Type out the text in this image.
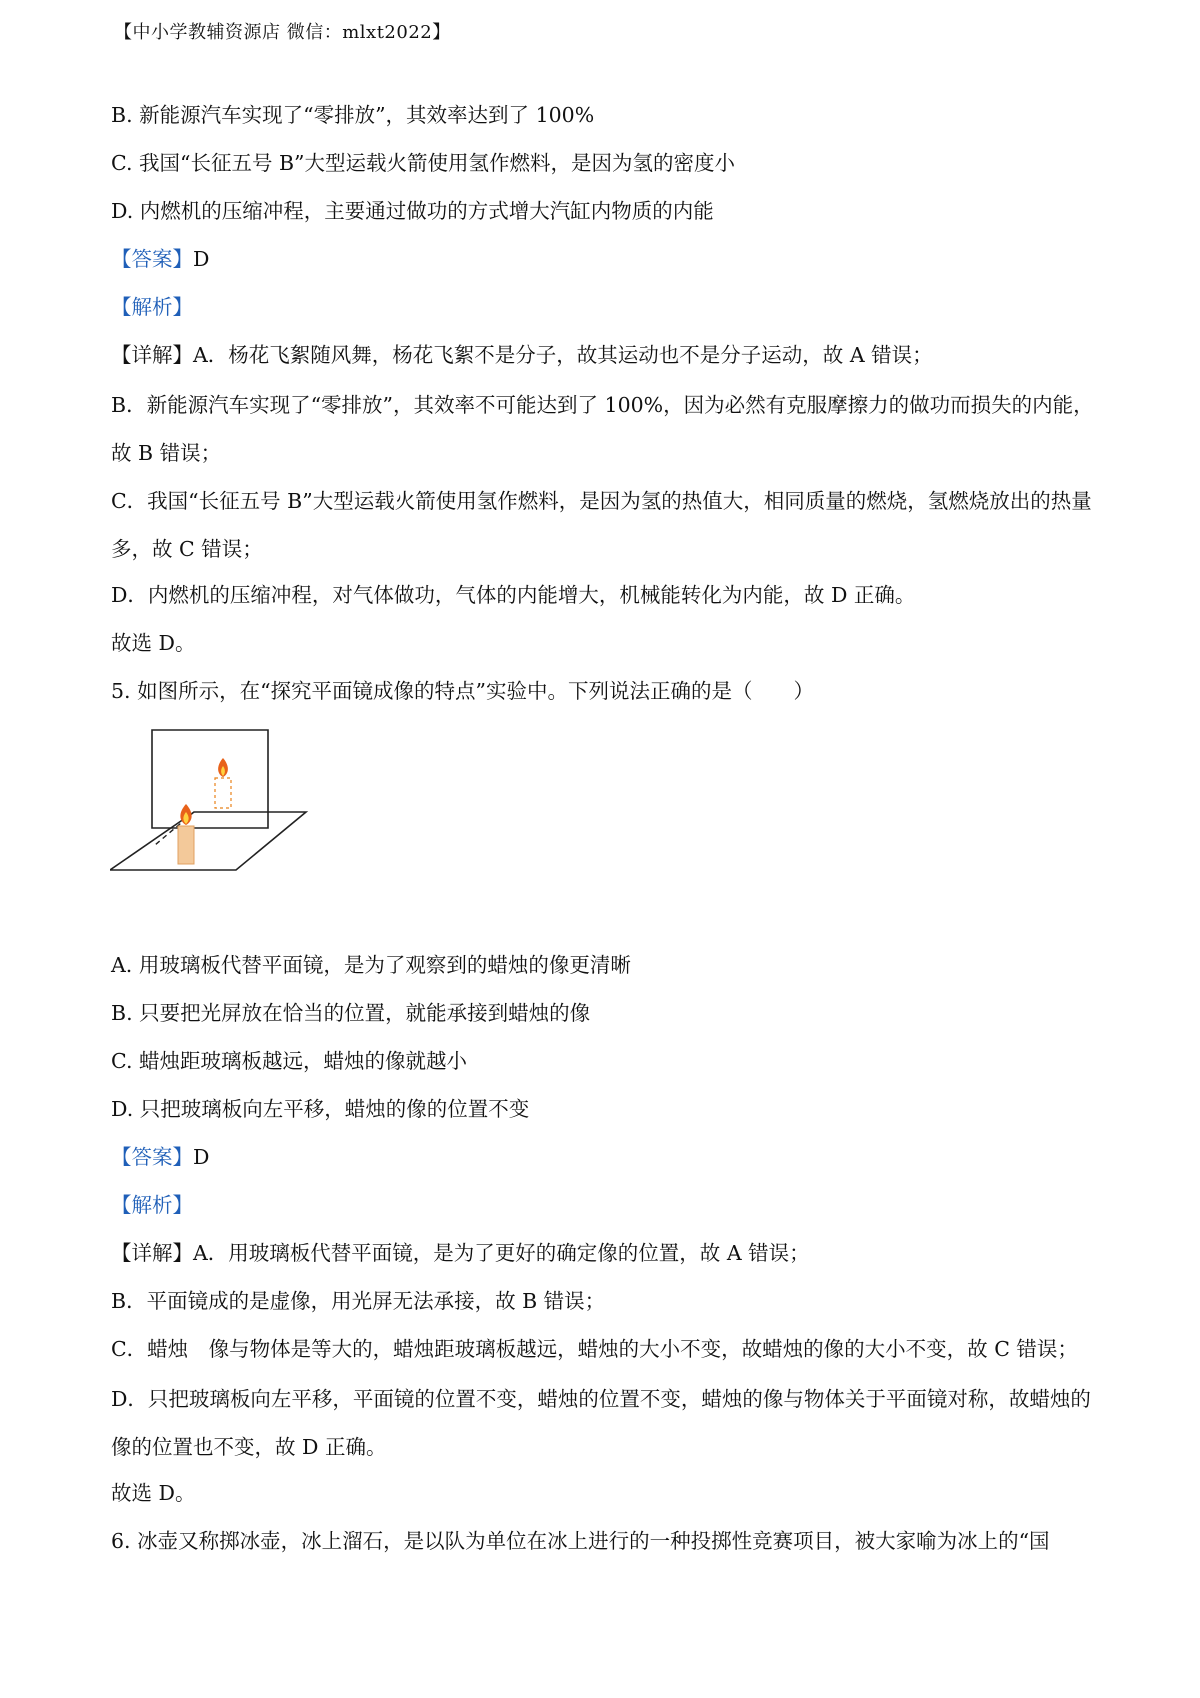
【中小学教辅资源店 微信：mlxt2022】
B. 新能源汽车实现了“零排放”，其效率达到了 100%
C. 我国“长征五号 B”大型运载火箭使用氢作燃料，是因为氢的密度小
D. 内燃机的压缩冲程，主要通过做功的方式增大汽缸内物质的内能
【答案】D
【解析】
【详解】A．杨花飞絮随风舞，杨花飞絮不是分子，故其运动也不是分子运动，故 A 错误；
B．新能源汽车实现了“零排放”，其效率不可能达到了 100%，因为必然有克服摩擦力的做功而损失的内能，故 B 错误；
C．我国“长征五号 B”大型运载火箭使用氢作燃料，是因为氢的热值大，相同质量的燃烧，氢燃烧放出的热量多，故 C 错误；
D．内燃机的压缩冲程，对气体做功，气体的内能增大，机械能转化为内能，故 D 正确。
故选 D。
5. 如图所示，在“探究平面镜成像的特点”实验中。下列说法正确的是（　　）
A. 用玻璃板代替平面镜，是为了观察到的蜡烛的像更清晰
B. 只要把光屏放在恰当的位置，就能承接到蜡烛的像
C. 蜡烛距玻璃板越远，蜡烛的像就越小
D. 只把玻璃板向左平移，蜡烛的像的位置不变
【答案】D
【解析】
【详解】A．用玻璃板代替平面镜，是为了更好的确定像的位置，故 A 错误；
B．平面镜成的是虚像，用光屏无法承接，故 B 错误；
C．蜡烛　像与物体是等大的，蜡烛距玻璃板越远，蜡烛的大小不变，故蜡烛的像的大小不变，故 C 错误；
D．只把玻璃板向左平移，平面镜的位置不变，蜡烛的位置不变，蜡烛的像与物体关于平面镜对称，故蜡烛的像的位置也不变，故 D 正确。
故选 D。
6. 冰壶又称掷冰壶，冰上溜石，是以队为单位在冰上进行的一种投掷性竞赛项目，被大家喻为冰上的“国
